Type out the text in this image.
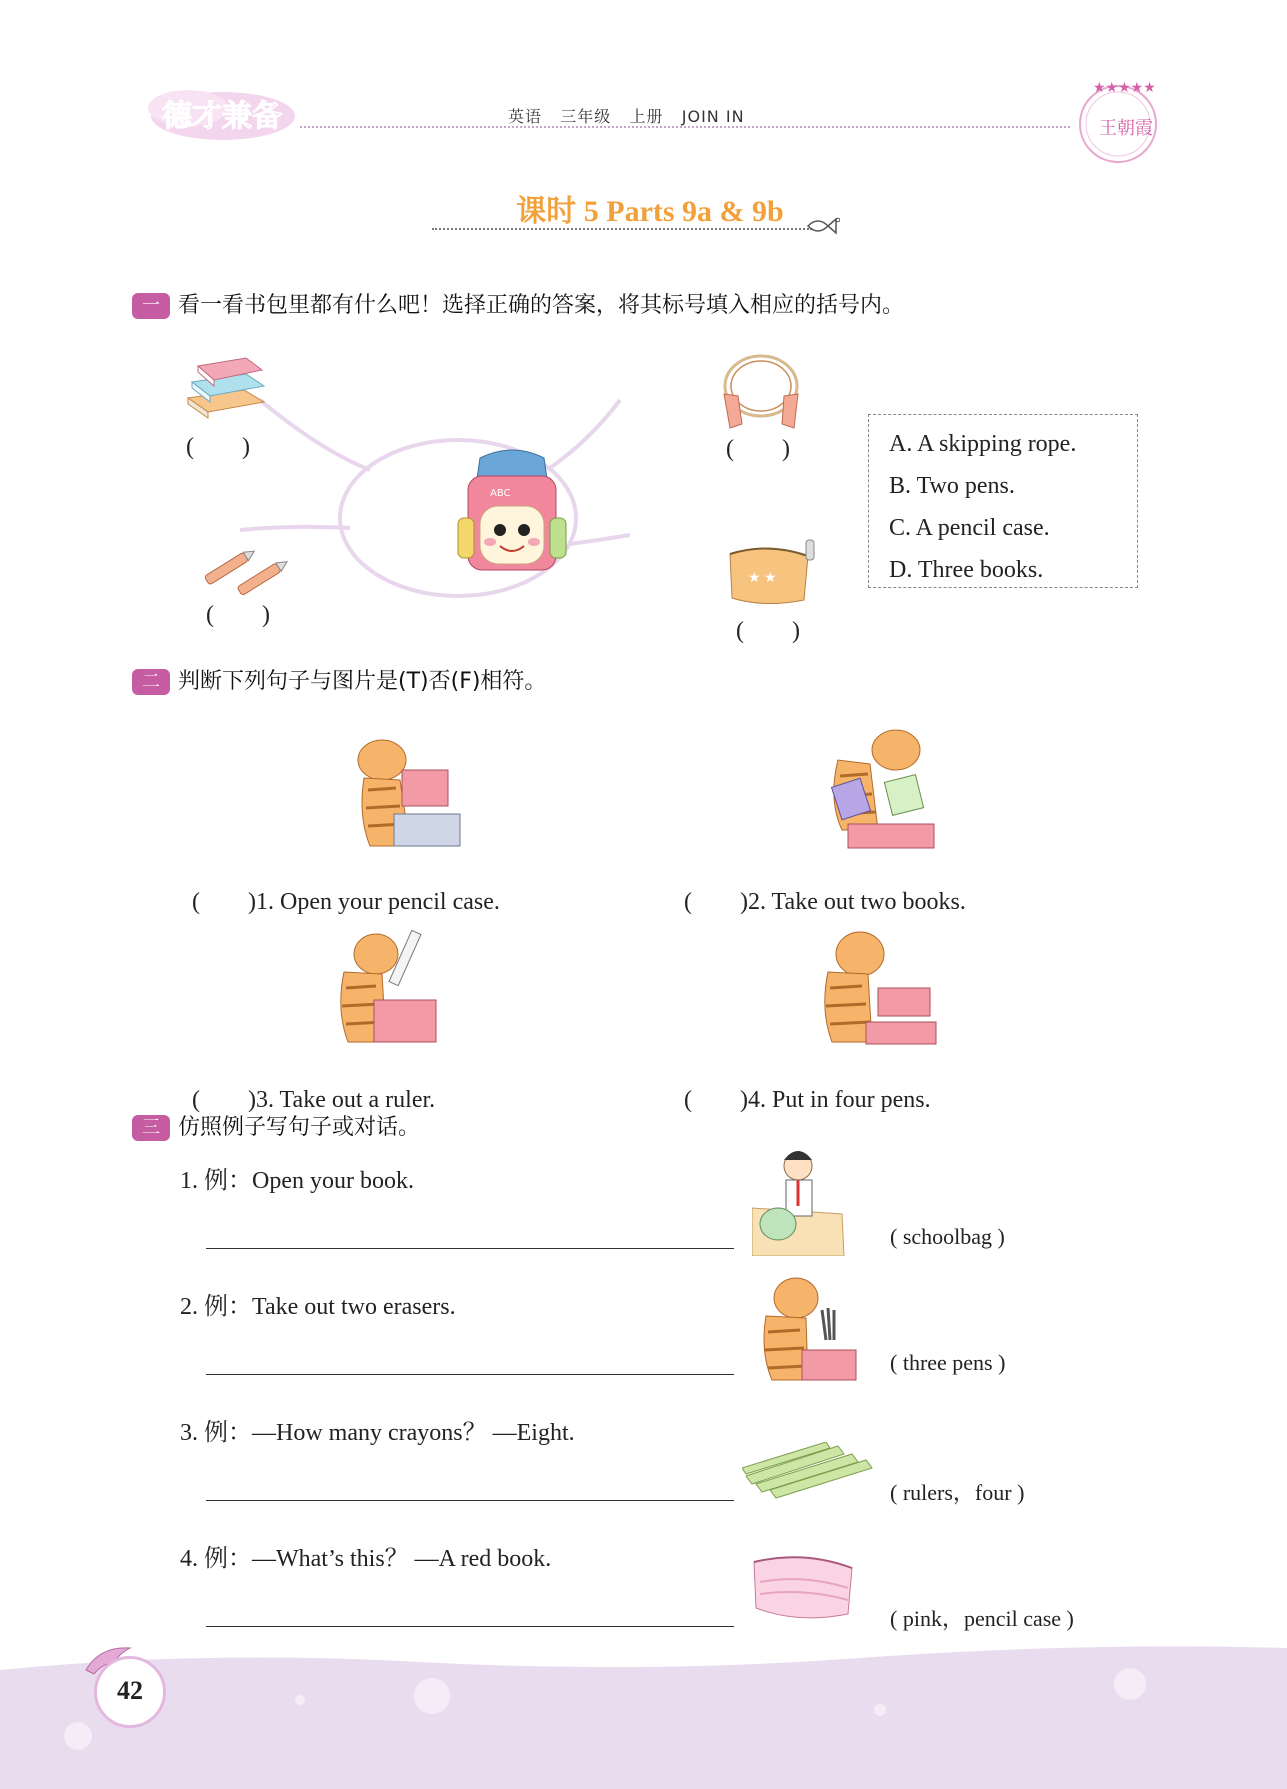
德才兼备	英语   三年级   上册   JOIN IN
★★★★★
王朝霞
课时 5 Parts 9a & 9b
一 看一看书包里都有什么吧！选择正确的答案，将其标号填入相应的括号内。
(        )	(        )
ABC
(        )
★ ★
(        )
A. A skipping rope.
B. Two pens.
C. A pencil case.
D. Three books.
二 判断下列句子与图片是(T)否(F)相符。

(        )1. Open your pencil case.	(        )2. Take out two books.

(        )3. Take out a ruler.	(        )4. Put in four pens.

三 仿照例子写句子或对话。
1. 例：Open your book.
( schoolbag )
2. 例：Take out two erasers.
( three pens )
3. 例：—How many crayons？ —Eight.
( rulers，four )
4. 例：—What’s this？ —A red book.
( pink，pencil case )
42
